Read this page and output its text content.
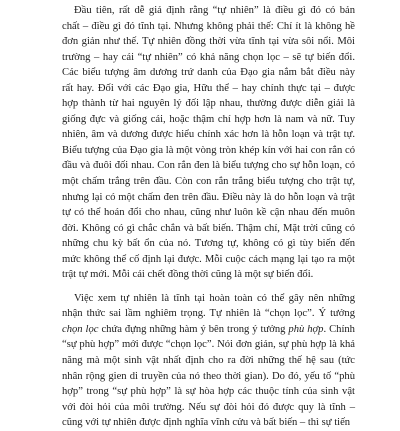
Đầu tiên, rất dễ giả định rằng “tự nhiên” là điều gì đó có bản
chất – điều gì đó tĩnh tại. Nhưng không phải thế: Chí ít là không hề
đơn giản như thế. Tự nhiên đồng thời vừa tĩnh tại vừa sôi nổi. Môi
trường – hay cái “tự nhiên” có khả năng chọn lọc – sẽ tự biến đổi.
Các biểu tượng âm dương trứ danh của Đạo gia nắm bắt điều này
rất hay. Đối với các Đạo gia, Hữu thể – hay chính thực tại – được
hợp thành từ hai nguyên lý đối lập nhau, thường được diễn giải là
giống đực và giống cái, hoặc thậm chí hợp hơn là nam và nữ. Tuy
nhiên, âm và dương được hiểu chính xác hơn là hỗn loạn và trật tự.
Biểu tượng của Đạo gia là một vòng tròn khép kín với hai con rắn có
đầu và đuôi đối nhau. Con rắn đen là biểu tượng cho sự hỗn loạn, có
một chấm trắng trên đầu. Còn con rắn trắng biểu tượng cho trật tự,
nhưng lại có một chấm đen trên đầu. Điều này là do hỗn loạn và trật
tự có thể hoán đổi cho nhau, cũng như luôn kề cận nhau đến muôn
đời. Không có gì chắc chắn và bất biến. Thậm chí, Mặt trời cũng có
những chu kỳ bất ổn của nó. Tương tự, không có gì tùy biến đến
mức không thể cố định lại được. Mỗi cuộc cách mạng lại tạo ra một
trật tự mới. Mỗi cái chết đồng thời cũng là một sự biến đổi.
Việc xem tự nhiên là tĩnh tại hoàn toàn có thể gây nên những
nhận thức sai lầm nghiêm trọng. Tự nhiên là “chọn lọc”. Ý tưởng
chọn lọc chứa đựng những hàm ý bên trong ý tưởng phù hợp. Chính
“sự phù hợp” mới được “chọn lọc”. Nói đơn giản, sự phù hợp là khả
năng mà một sinh vật nhất định cho ra đời những thế hệ sau (tức
nhân rộng gien di truyền của nó theo thời gian). Do đó, yếu tố “phù
hợp” trong “sự phù hợp” là sự hòa hợp các thuộc tính của sinh vật
với đòi hỏi của môi trường. Nếu sự đòi hỏi đó được quy là tĩnh –
cũng với tự nhiên được định nghĩa vĩnh cửu và bất biến – thì sự tiến
